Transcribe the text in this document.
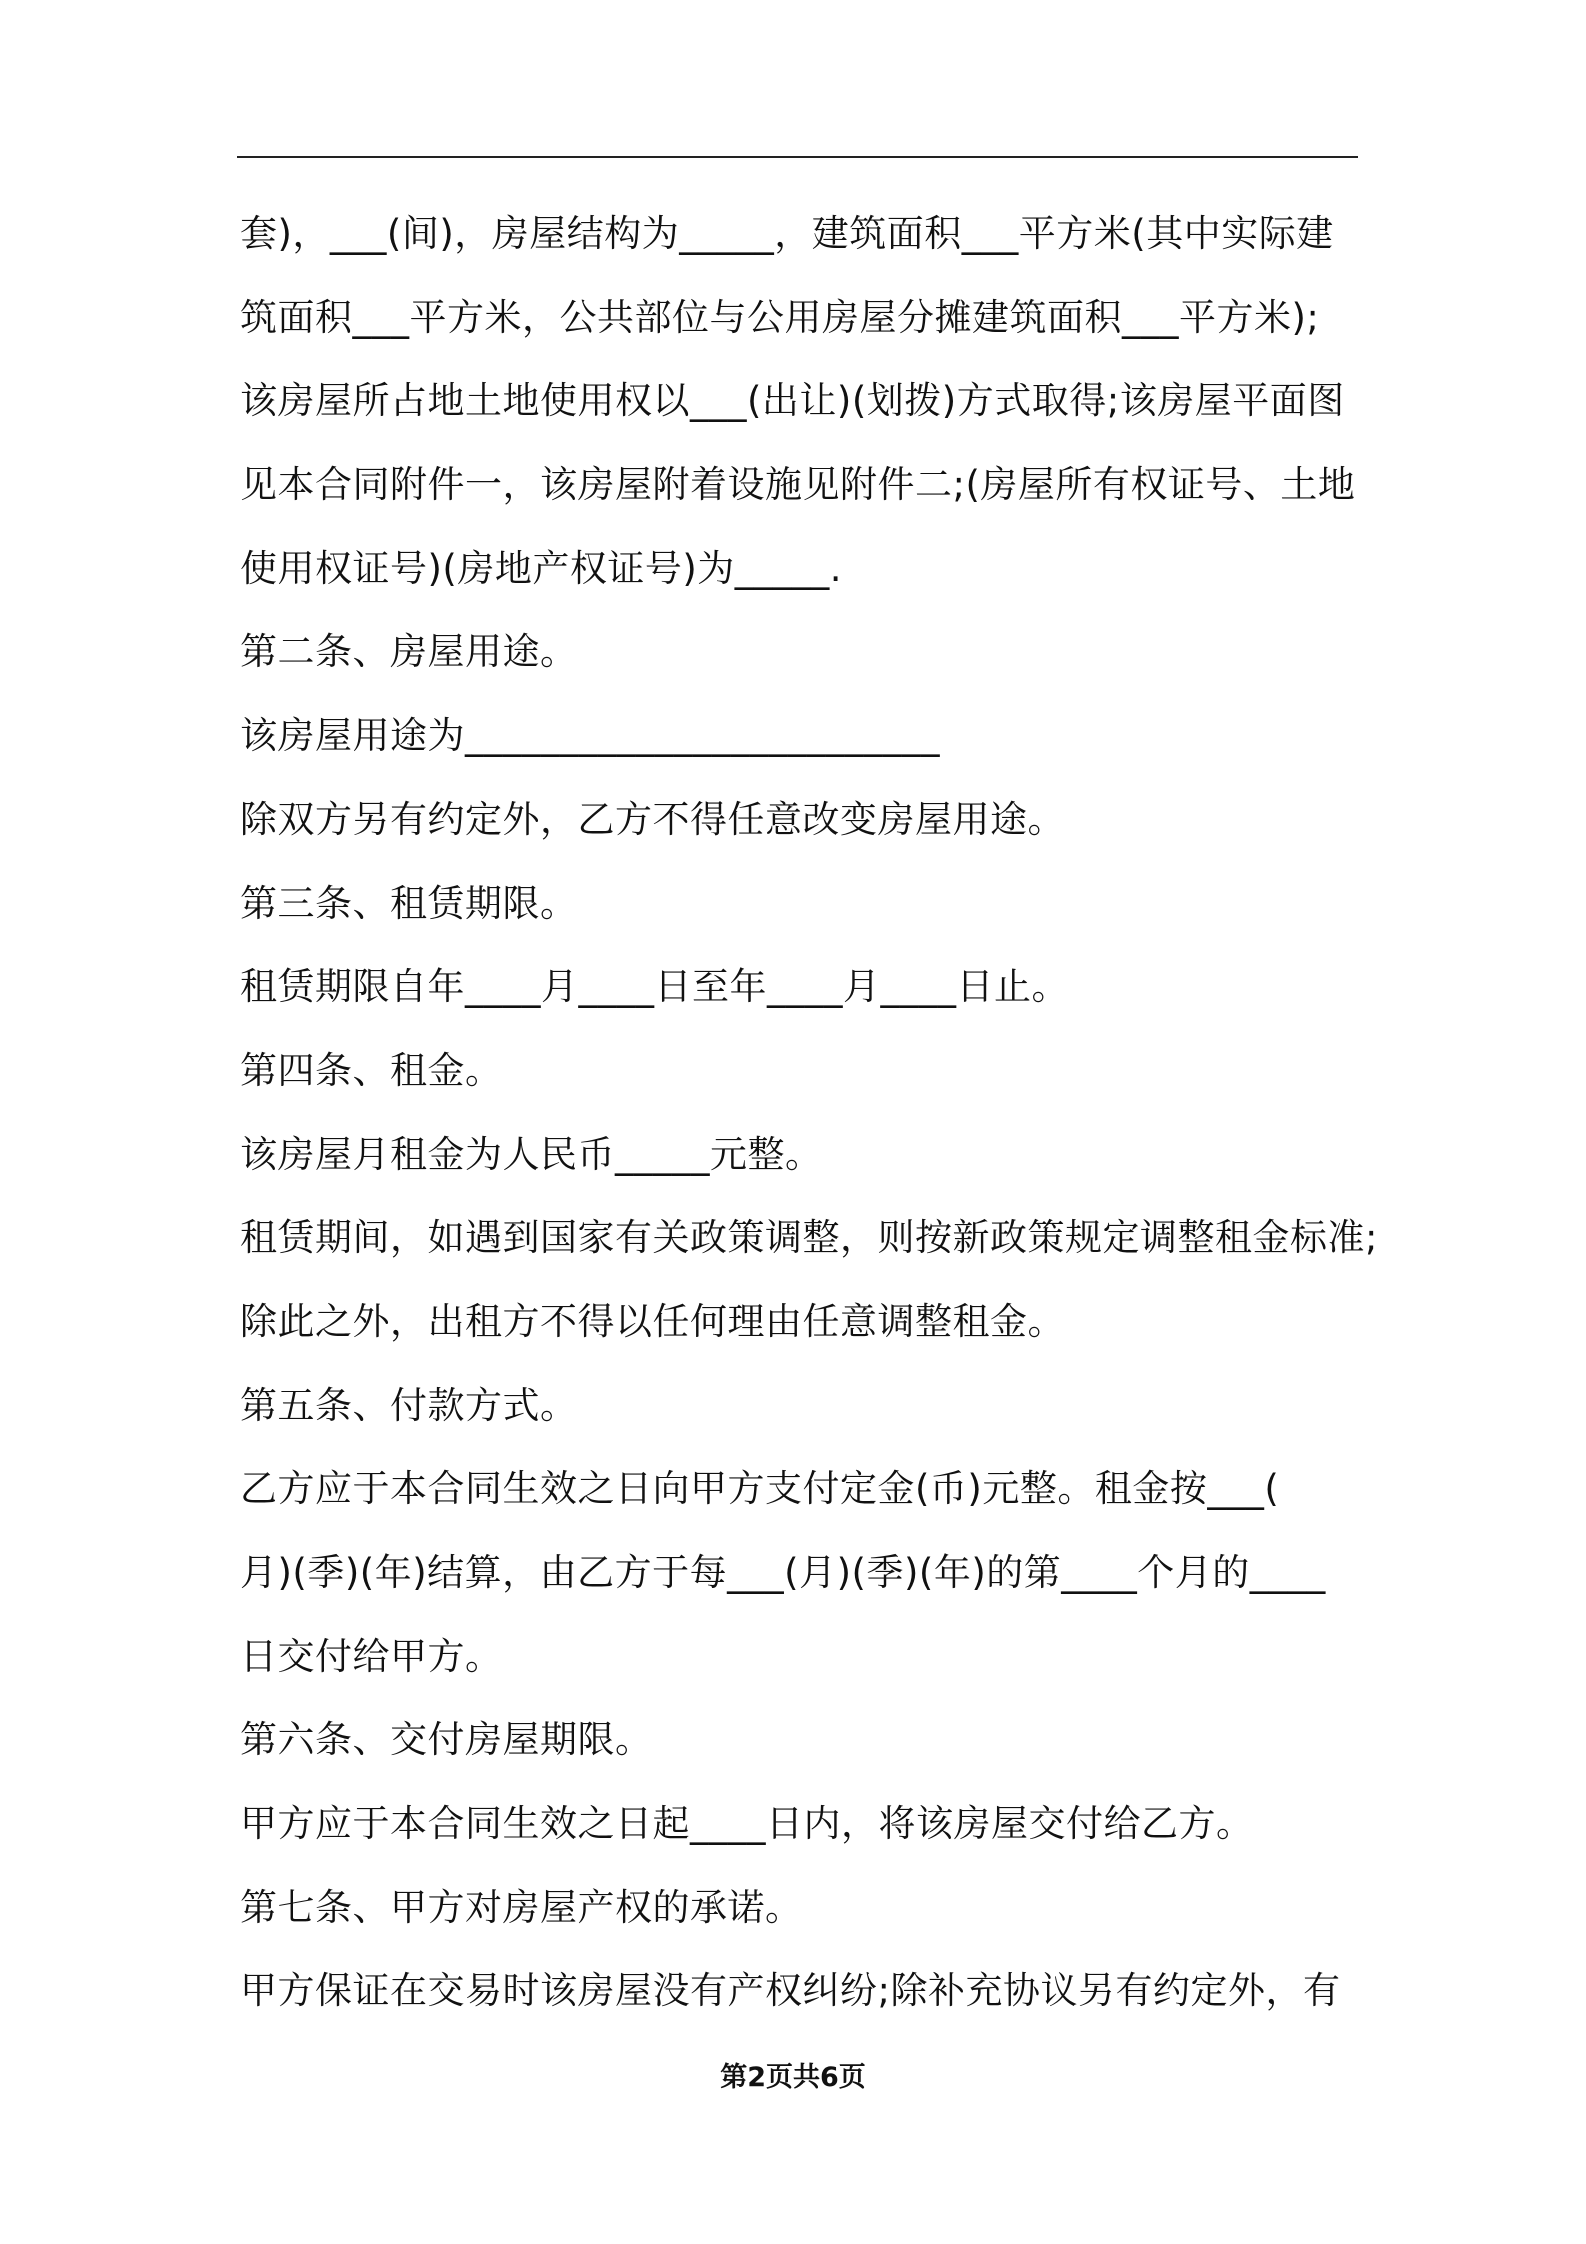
套)，___(间)，房屋结构为_____，建筑面积___平方米(其中实际建
筑面积___平方米，公共部位与公用房屋分摊建筑面积___平方米);
该房屋所占地土地使用权以___(出让)(划拨)方式取得;该房屋平面图
见本合同附件一，该房屋附着设施见附件二;(房屋所有权证号、土地
使用权证号)(房地产权证号)为_____.
第二条、房屋用途。
该房屋用途为_________________________
除双方另有约定外，乙方不得任意改变房屋用途。
第三条、租赁期限。
租赁期限自年____月____日至年____月____日止。
第四条、租金。
该房屋月租金为人民币_____元整。
租赁期间，如遇到国家有关政策调整，则按新政策规定调整租金标准;
除此之外，出租方不得以任何理由任意调整租金。
第五条、付款方式。
乙方应于本合同生效之日向甲方支付定金(币)元整。租金按___(
月)(季)(年)结算，由乙方于每___(月)(季)(年)的第____个月的____
日交付给甲方。
第六条、交付房屋期限。
甲方应于本合同生效之日起____日内，将该房屋交付给乙方。
第七条、甲方对房屋产权的承诺。
甲方保证在交易时该房屋没有产权纠纷;除补充协议另有约定外，有
第2页共6页
